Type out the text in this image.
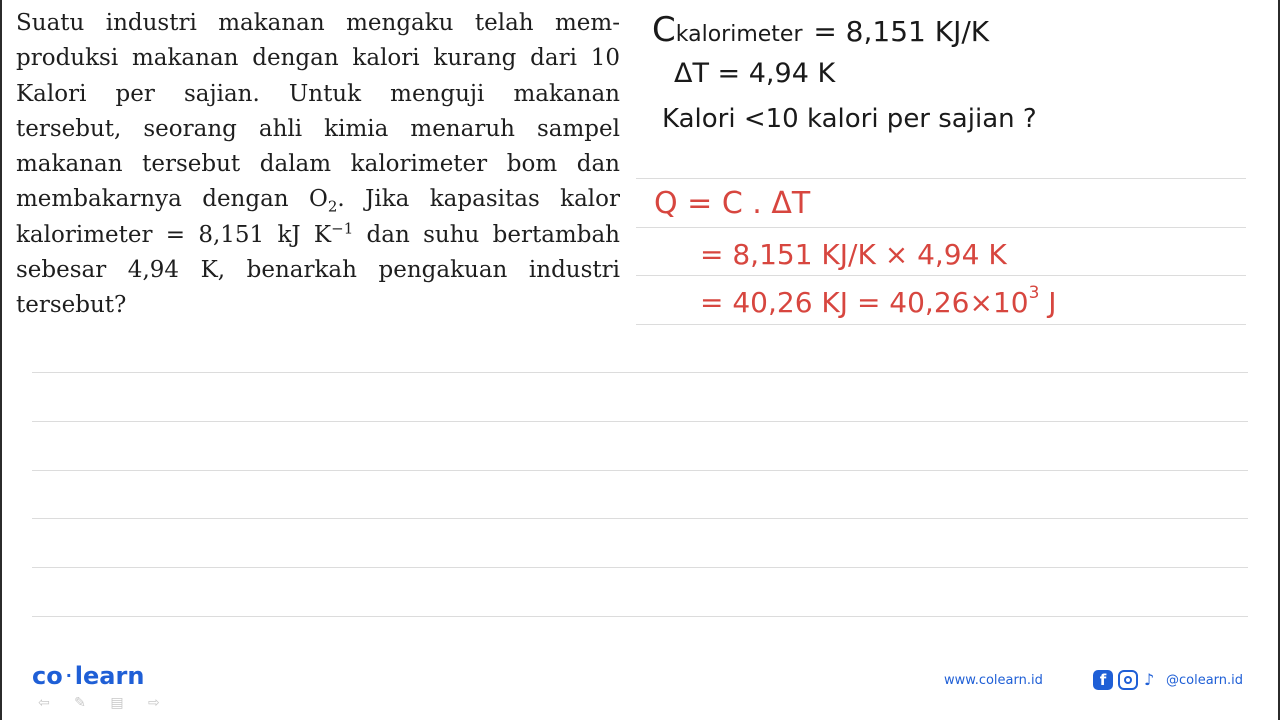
Suatu industri makanan mengaku telah mem-
produksi makanan dengan kalori kurang dari 10
Kalori per sajian. Untuk menguji makanan
tersebut, seorang ahli kimia menaruh sampel
makanan tersebut dalam kalorimeter bom dan
membakarnya dengan $O_2$. Jika kapasitas kalor
kalorimeter = 8,151 kJ $K^{-1}$ dan suhu bertambah
sebesar 4,94 K, benarkah pengakuan industri
tersebut?
Ckalorimeter = 8,151 KJ/K
ΔT = 4,94 K
Kalori <10 kalori per sajian ?
Q = C . ΔT
= 8,151 KJ/K × 4,94 K
= 40,26 KJ = $40,26\times 10^3$ J
co · learn
⇦ ✎ ▤ ⇨
www.colearn.id	f	♪ @colearn.id
